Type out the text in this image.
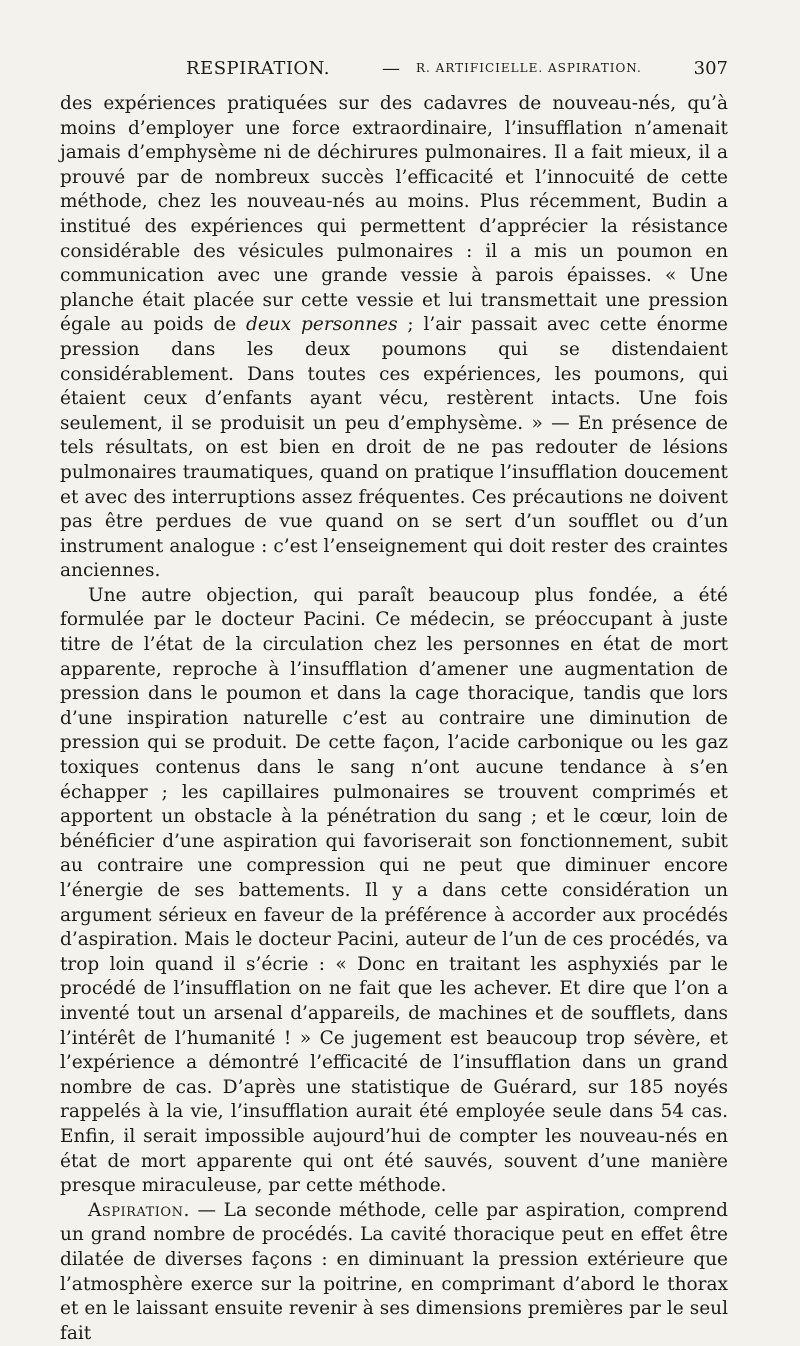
RESPIRATION.	— R. ARTIFICIELLE. ASPIRATION.	307

des expériences pratiquées sur des cadavres de nouveau-nés, qu’à moins d’employer une force extraordinaire, l’insufflation n’amenait jamais d’emphysème ni de déchirures pulmonaires. Il a fait mieux, il a prouvé par de nombreux succès l’efficacité et l’innocuité de cette méthode, chez les nouveau-nés au moins. Plus récemment, Budin a institué des expériences qui permettent d’apprécier la résistance considérable des vésicules pulmonaires : il a mis un poumon en communication avec une grande vessie à parois épaisses. « Une planche était placée sur cette vessie et lui transmettait une pression égale au poids de deux personnes ; l’air passait avec cette énorme pression dans les deux poumons qui se distendaient considérablement. Dans toutes ces expériences, les poumons, qui étaient ceux d’enfants ayant vécu, restèrent intacts. Une fois seulement, il se produisit un peu d’emphysème. » — En présence de tels résultats, on est bien en droit de ne pas redouter de lésions pulmonaires traumatiques, quand on pratique l’insufflation doucement et avec des interruptions assez fréquentes. Ces précautions ne doivent pas être perdues de vue quand on se sert d’un soufflet ou d’un instrument analogue : c’est l’enseignement qui doit rester des craintes anciennes.

Une autre objection, qui paraît beaucoup plus fondée, a été formulée par le docteur Pacini. Ce médecin, se préoccupant à juste titre de l’état de la circulation chez les personnes en état de mort apparente, reproche à l’insufflation d’amener une augmentation de pression dans le poumon et dans la cage thoracique, tandis que lors d’une inspiration naturelle c’est au contraire une diminution de pression qui se produit. De cette façon, l’acide carbonique ou les gaz toxiques contenus dans le sang n’ont aucune tendance à s’en échapper ; les capillaires pulmonaires se trouvent comprimés et apportent un obstacle à la pénétration du sang ; et le cœur, loin de bénéficier d’une aspiration qui favoriserait son fonctionnement, subit au contraire une compression qui ne peut que diminuer encore l’énergie de ses battements. Il y a dans cette considération un argument sérieux en faveur de la préférence à accorder aux procédés d’aspiration. Mais le docteur Pacini, auteur de l’un de ces procédés, va trop loin quand il s’écrie : « Donc en traitant les asphyxiés par le procédé de l’insufflation on ne fait que les achever. Et dire que l’on a inventé tout un arsenal d’appareils, de machines et de soufflets, dans l’intérêt de l’humanité ! » Ce jugement est beaucoup trop sévère, et l’expérience a démontré l’efficacité de l’insufflation dans un grand nombre de cas. D’après une statistique de Guérard, sur 185 noyés rappelés à la vie, l’insufflation aurait été employée seule dans 54 cas. Enfin, il serait impossible aujourd’hui de compter les nouveau-nés en état de mort apparente qui ont été sauvés, souvent d’une manière presque miraculeuse, par cette méthode.

Aspiration. — La seconde méthode, celle par aspiration, comprend un grand nombre de procédés. La cavité thoracique peut en effet être dilatée de diverses façons : en diminuant la pression extérieure que l’atmosphère exerce sur la poitrine, en comprimant d’abord le thorax et en le laissant ensuite revenir à ses dimensions premières par le seul fait
